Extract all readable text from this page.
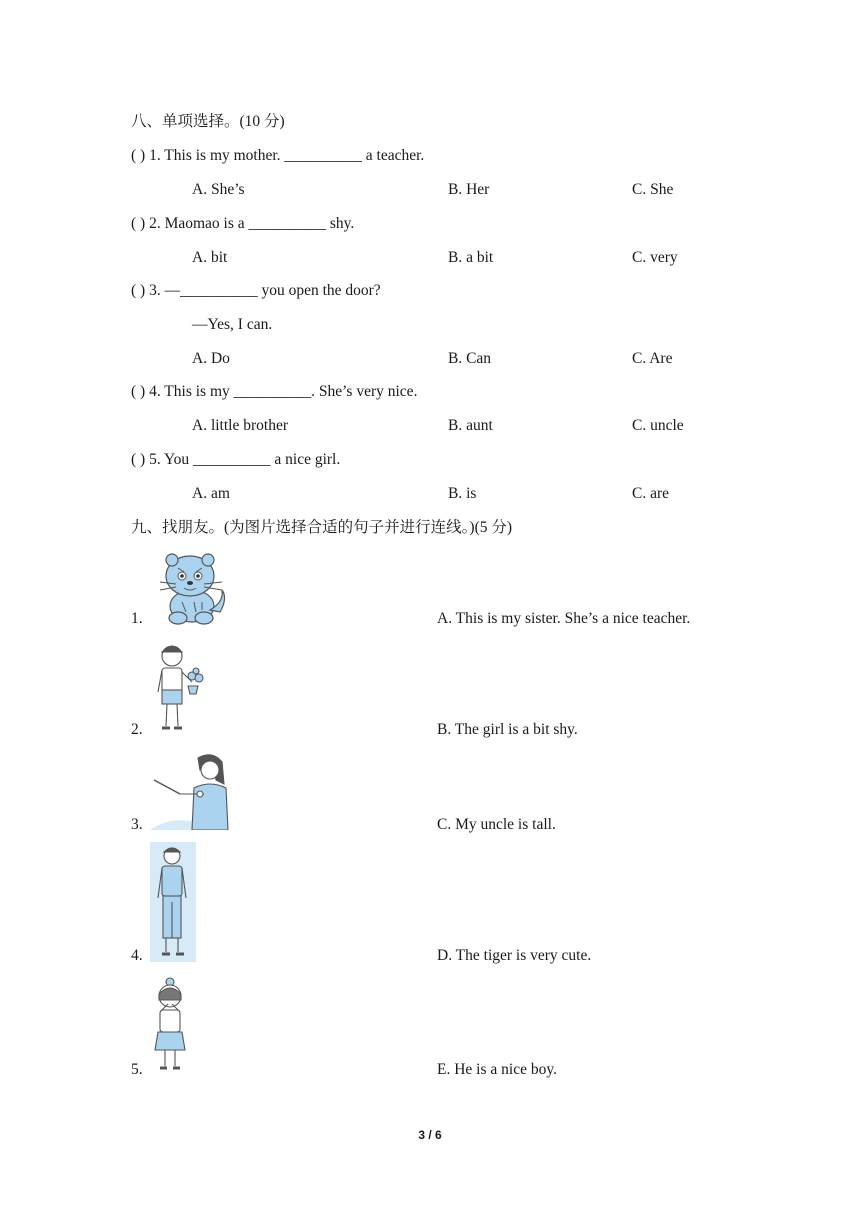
八、单项选择。(10 分)
( ) 1. This is my mother. __________ a teacher.
A. She’s	B. Her	C. She
( ) 2. Maomao is a __________ shy.
A. bit	B. a bit	C. very
( ) 3. —__________ you open the door?
—Yes, I can.
A. Do	B. Can	C. Are
( ) 4. This is my __________. She’s very nice.
A. little brother	B. aunt	C. uncle
( ) 5. You __________ a nice girl.
A. am	B. is	C. are
九、找朋友。(为图片选择合适的句子并进行连线。)(5 分)
1.	A. This is my sister. She’s a nice teacher.
2.	B. The girl is a bit shy.
3.	C. My uncle is tall.
4.	D. The tiger is very cute.
5.	E. He is a nice boy.
3 / 6
